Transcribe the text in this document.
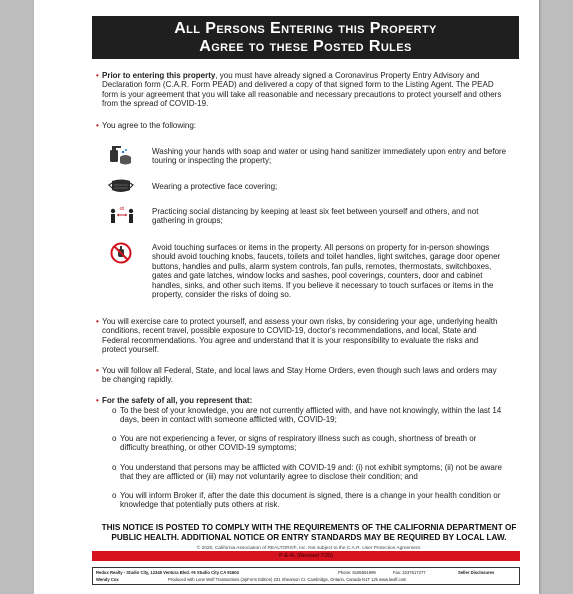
All Persons Entering this Property
Agree to these Posted Rules
• Prior to entering this property, you must have already signed a Coronavirus Property Entry Advisory and Declaration form (C.A.R. Form PEAD) and delivered a copy of that signed form to the Listing Agent. The PEAD form is your agreement that you will take all reasonable and necessary precautions to protect yourself and others from the spread of COVID-19.
• You agree to the following:
Washing your hands with soap and water or using hand sanitizer immediately upon entry and before touring or inspecting the property;
Wearing a protective face covering;
6ft	Practicing social distancing by keeping at least six feet between yourself and others, and not gathering in groups;
Avoid touching surfaces or items in the property. All persons on property for in-person showings should avoid touching knobs, faucets, toilets and toilet handles, light switches, garage door opener buttons, handles and pulls, alarm system controls, fan pulls, remotes, thermostats, switchboxes, gates and gate latches, window locks and sashes, pool coverings, counters, door and cabinet handles, sinks, and other such items. If you believe it necessary to touch surfaces or items in the property, consider the risks of doing so.
• You will exercise care to protect yourself, and assess your own risks, by considering your age, underlying health conditions, recent travel, possible exposure to COVID-19, doctor's recommendations, and local, State and Federal recommendations. You agree and understand that it is your responsibility to evaluate the risks and protect yourself.
• You will follow all Federal, State, and local laws and Stay Home Orders, even though such laws and orders may be changing rapidly.
• For the safety of all, you represent that:
o To the best of your knowledge, you are not currently afflicted with, and have not knowingly, within the last 14 days, been in contact with someone afflicted with, COVID-19;
o You are not experiencing a fever, or signs of respiratory illness such as cough, shortness of breath or difficulty breathing, or other COVID-19 symptoms;
o You understand that persons may be afflicted with COVID-19 and: (i) not exhibit symptoms; (ii) not be aware that they are afflicted or (iii) may not voluntarily agree to disclose their condition; and
o You will inform Broker if, after the date this document is signed, there is a change in your health condition or knowledge that potentially puts others at risk.
THIS NOTICE IS POSTED TO COMPLY WITH THE REQUIREMENTS OF THE CALIFORNIA DEPARTMENT OF PUBLIC HEALTH. ADDITIONAL NOTICE OR ENTRY STANDARDS MAY BE REQUIRED BY LOCAL LAW.
© 2020, California Association of REALTORS®, Inc. Not subject to the C.A.R. User Protection Agreement.
P-E-R, (Revised 7/20)
Redux Realty - Studio City, 12345 Ventura Blvd. #6 Studio City CA 91604
Wendy Cox
Phone: 8185551999	Fax: 3237617277	Seller Disclosures
Produced with Lone Wolf Transactions (zipForm Edition) 231 Shearson Cr. Cambridge, Ontario, Canada N1T 1J5 www.lwolf.com
